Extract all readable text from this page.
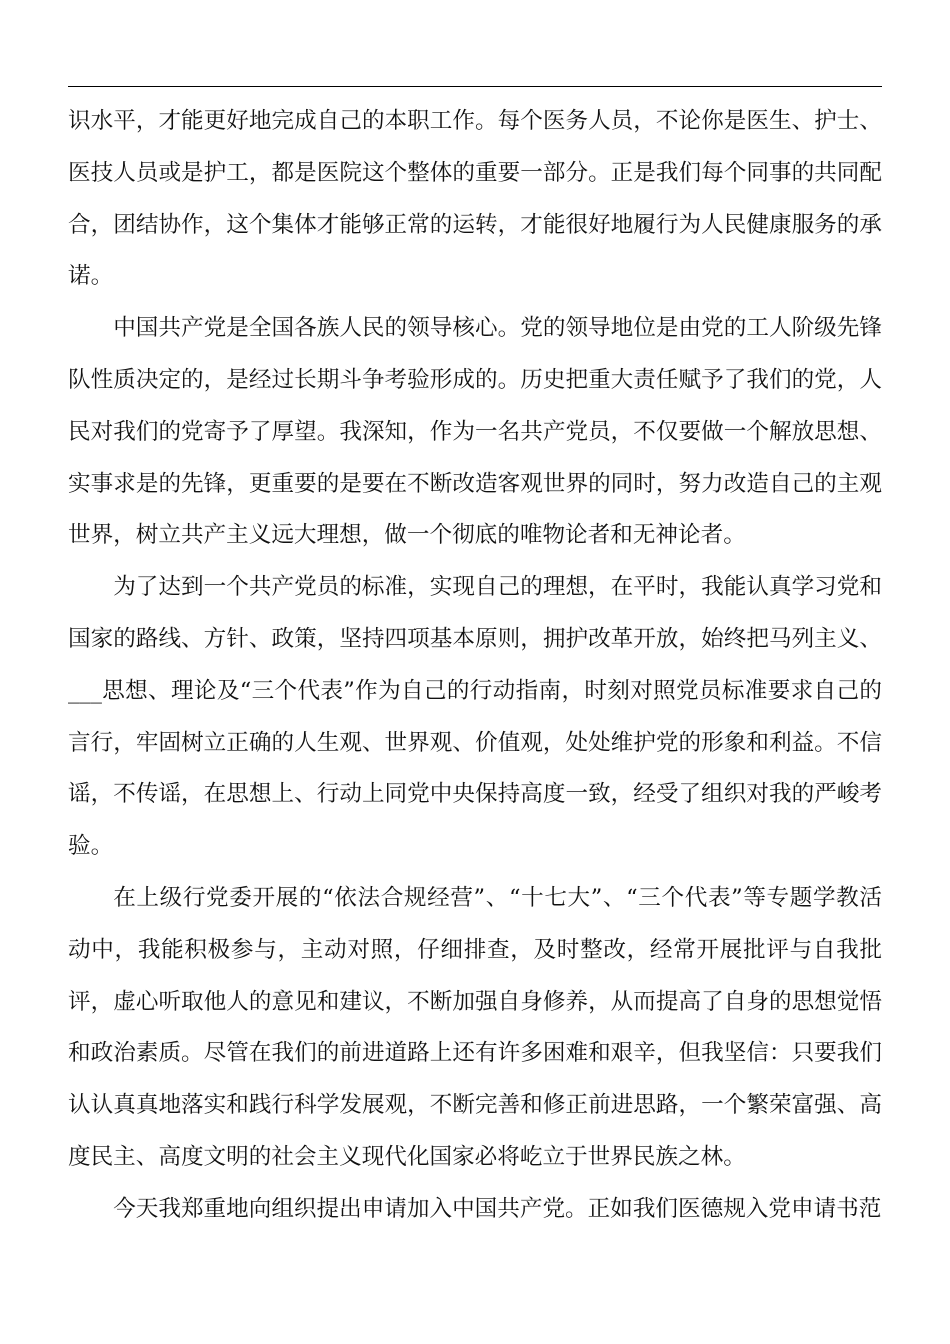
识水平，才能更好地完成自己的本职工作。每个医务人员，不论你是医生、护士、医技人员或是护工，都是医院这个整体的重要一部分。正是我们每个同事的共同配合，团结协作，这个集体才能够正常的运转，才能很好地履行为人民健康服务的承诺。

中国共产党是全国各族人民的领导核心。党的领导地位是由党的工人阶级先锋队性质决定的，是经过长期斗争考验形成的。历史把重大责任赋予了我们的党，人民对我们的党寄予了厚望。我深知，作为一名共产党员，不仅要做一个解放思想、实事求是的先锋，更重要的是要在不断改造客观世界的同时，努力改造自己的主观世界，树立共产主义远大理想，做一个彻底的唯物论者和无神论者。

为了达到一个共产党员的标准，实现自己的理想，在平时，我能认真学习党和国家的路线、方针、政策，坚持四项基本原则，拥护改革开放，始终把马列主义、___思想、理论及“三个代表”作为自己的行动指南，时刻对照党员标准要求自己的言行，牢固树立正确的人生观、世界观、价值观，处处维护党的形象和利益。不信谣，不传谣，在思想上、行动上同党中央保持高度一致，经受了组织对我的严峻考验。

在上级行党委开展的“依法合规经营”、“十七大”、“三个代表”等专题学教活动中，我能积极参与，主动对照，仔细排查，及时整改，经常开展批评与自我批评，虚心听取他人的意见和建议，不断加强自身修养，从而提高了自身的思想觉悟和政治素质。尽管在我们的前进道路上还有许多困难和艰辛，但我坚信：只要我们认认真真地落实和践行科学发展观，不断完善和修正前进思路，一个繁荣富强、高度民主、高度文明的社会主义现代化国家必将屹立于世界民族之林。

今天我郑重地向组织提出申请加入中国共产党。正如我们医德规入党申请书范
